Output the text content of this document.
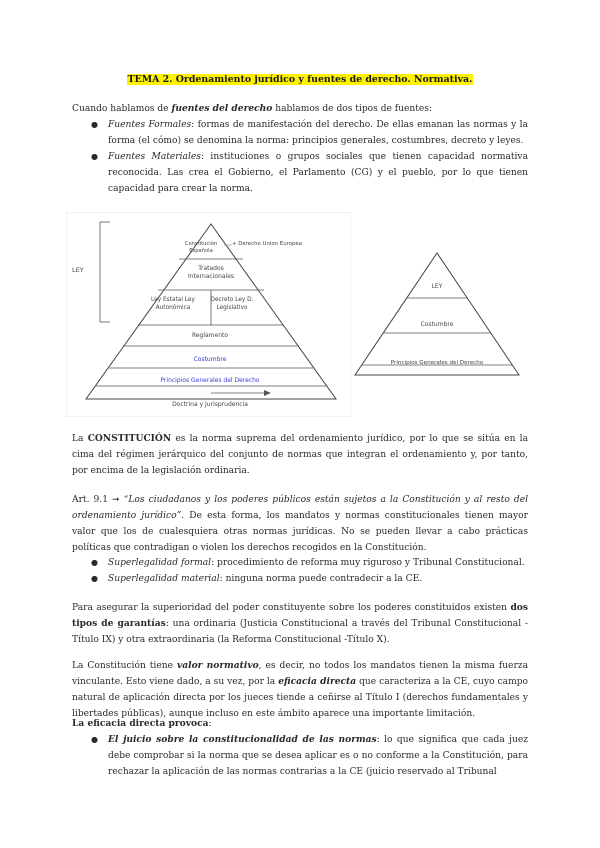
TEMA 2. Ordenamiento jurídico y fuentes de derecho. Normativa.
Cuando hablamos de fuentes del derecho hablamos de dos tipos de fuentes:
● Fuentes Formales: formas de manifestación del derecho. De ellas emanan las normas y la forma (el cómo) se denomina la norma: principios generales, costumbres, decreto y leyes.
● Fuentes Materiales: instituciones o grupos sociales que tienen capacidad normativa reconocida. Las crea el Gobierno, el Parlamento (CG) y el pueblo, por lo que tienen capacidad para crear la norma.
LEY
Constitución Española
+ Derecho Union Europea
Tratados Internacionales
Ley Estatal Ley Autonómica
Decreto Ley D. Legislativo
Reglamento
Costumbre
Principios Generales del Derecho
Doctrina y Jurisprudencia
LEY
Costumbre
Principios Generales del Derecho
La CONSTITUCIÓN es la norma suprema del ordenamiento jurídico, por lo que se sitúa en la cima del régimen jerárquico del conjunto de normas que integran el ordenamiento y, por tanto, por encima de la legislación ordinaria.
Art. 9.1 ➞ “Los ciudadanos y los poderes públicos están sujetos a la Constitución y al resto del ordenamiento jurídico”. De esta forma, los mandatos y normas constitucionales tienen mayor valor que los de cualesquiera otras normas jurídicas. No se pueden llevar a cabo prácticas políticas que contradigan o violen los derechos recogidos en la Constitución.
● Superlegalidad formal: procedimiento de reforma muy riguroso y Tribunal Constitucional.
● Superlegalidad material: ninguna norma puede contradecir a la CE.
Para asegurar la superioridad del poder constituyente sobre los poderes constituidos existen dos tipos de garantías: una ordinaria (Justicia Constitucional a través del Tribunal Constitucional -Título IX) y otra extraordinaria (la Reforma Constitucional -Título X).
La Constitución tiene valor normativo, es decir, no todos los mandatos tienen la misma fuerza vinculante. Esto viene dado, a su vez, por la eficacia directa que caracteriza a la CE, cuyo campo natural de aplicación directa por los jueces tiende a ceñirse al Título I (derechos fundamentales y libertades públicas), aunque incluso en este ámbito aparece una importante limitación.
La eficacia directa provoca:
● El juicio sobre la constitucionalidad de las normas: lo que significa que cada juez debe comprobar si la norma que se desea aplicar es o no conforme a la Constitución, para rechazar la aplicación de las normas contrarias a la CE (juicio reservado al Tribunal
